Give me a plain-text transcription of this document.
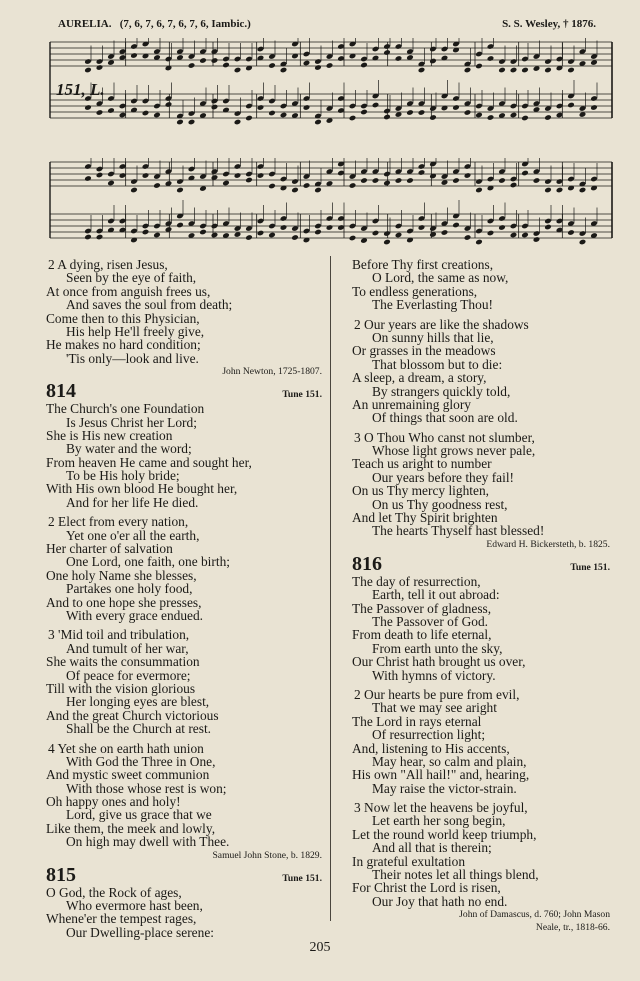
AURELIA. (7, 6, 7, 6, 7, 6, 7, 6, Iambic.)	S. S. Wesley, † 1876.
151, L.
2 A dying, risen Jesus,
Seen by the eye of faith,
At once from anguish frees us,
And saves the soul from death;
Come then to this Physician,
His help He'll freely give,
He makes no hard condition;
'Tis only—look and live.
John Newton, 1725-1807.
814	Tune 151.
The Church's one Foundation
Is Jesus Christ her Lord;
She is His new creation
By water and the word;
From heaven He came and sought her,
To be His holy bride;
With His own blood He bought her,
And for her life He died.
2 Elect from every nation,
Yet one o'er all the earth,
Her charter of salvation
One Lord, one faith, one birth;
One holy Name she blesses,
Partakes one holy food,
And to one hope she presses,
With every grace endued.
3 'Mid toil and tribulation,
And tumult of her war,
She waits the consummation
Of peace for evermore;
Till with the vision glorious
Her longing eyes are blest,
And the great Church victorious
Shall be the Church at rest.
4 Yet she on earth hath union
With God the Three in One,
And mystic sweet communion
With those whose rest is won;
Oh happy ones and holy!
Lord, give us grace that we
Like them, the meek and lowly,
On high may dwell with Thee.
Samuel John Stone, b. 1829.
815	Tune 151.
O God, the Rock of ages,
Who evermore hast been,
Whene'er the tempest rages,
Our Dwelling-place serene:
Before Thy first creations,
O Lord, the same as now,
To endless generations,
The Everlasting Thou!
2 Our years are like the shadows
On sunny hills that lie,
Or grasses in the meadows
That blossom but to die:
A sleep, a dream, a story,
By strangers quickly told,
An unremaining glory
Of things that soon are old.
3 O Thou Who canst not slumber,
Whose light grows never pale,
Teach us aright to number
Our years before they fail!
On us Thy mercy lighten,
On us Thy goodness rest,
And let Thy Spirit brighten
The hearts Thyself hast blessed!
Edward H. Bickersteth, b. 1825.
816	Tune 151.
The day of resurrection,
Earth, tell it out abroad:
The Passover of gladness,
The Passover of God.
From death to life eternal,
From earth unto the sky,
Our Christ hath brought us over,
With hymns of victory.
2 Our hearts be pure from evil,
That we may see aright
The Lord in rays eternal
Of resurrection light;
And, listening to His accents,
May hear, so calm and plain,
His own "All hail!" and, hearing,
May raise the victor-strain.
3 Now let the heavens be joyful,
Let earth her song begin,
Let the round world keep triumph,
And all that is therein;
In grateful exultation
Their notes let all things blend,
For Christ the Lord is risen,
Our Joy that hath no end.
John of Damascus, d. 760; John Mason
Neale, tr., 1818-66.
205
